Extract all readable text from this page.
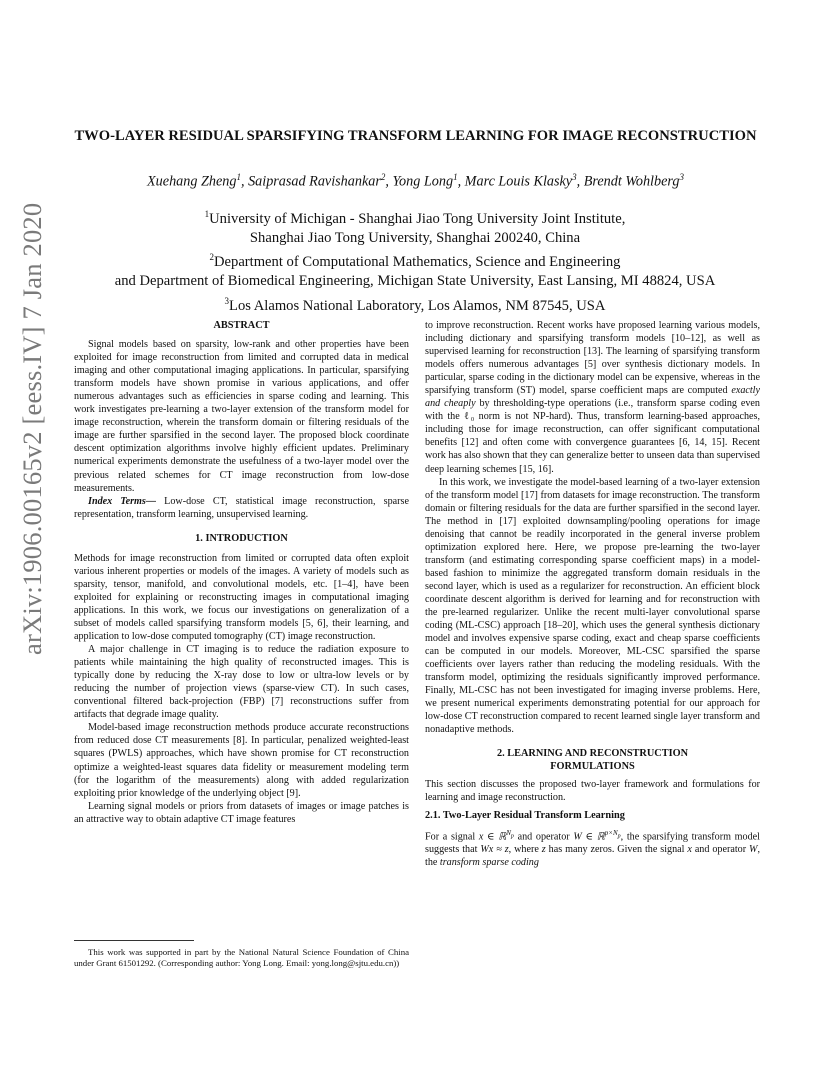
arXiv:1906.00165v2 [eess.IV] 7 Jan 2020
TWO-LAYER RESIDUAL SPARSIFYING TRANSFORM LEARNING FOR IMAGE RECONSTRUCTION
Xuehang Zheng$^1$, Saiprasad Ravishankar$^2$, Yong Long$^1$, Marc Louis Klasky$^3$, Brendt Wohlberg$^3$
$^1$University of Michigan - Shanghai Jiao Tong University Joint Institute,
Shanghai Jiao Tong University, Shanghai 200240, China
$^2$Department of Computational Mathematics, Science and Engineering
and Department of Biomedical Engineering, Michigan State University, East Lansing, MI 48824, USA
$^3$Los Alamos National Laboratory, Los Alamos, NM 87545, USA

ABSTRACT

Signal models based on sparsity, low-rank and other properties have been exploited for image reconstruction from limited and corrupted data in medical imaging and other computational imaging applications. In particular, sparsifying transform models have shown promise in various applications, and offer numerous advantages such as efficiencies in sparse coding and learning. This work investigates pre-learning a two-layer extension of the transform model for image reconstruction, wherein the transform domain or filtering residuals of the image are further sparsified in the second layer. The proposed block coordinate descent optimization algorithms involve highly efficient updates. Preliminary numerical experiments demonstrate the usefulness of a two-layer model over the previous related schemes for CT image reconstruction from low-dose measurements.

Index Terms— Low-dose CT, statistical image reconstruction, sparse representation, transform learning, unsupervised learning.

1. INTRODUCTION

Methods for image reconstruction from limited or corrupted data often exploit various inherent properties or models of the images. A variety of models such as sparsity, tensor, manifold, and convolutional models, etc. [1–4], have been exploited for explaining or reconstructing images in computational imaging applications. In this work, we focus our investigations on generalization of a subset of models called sparsifying transform models [5, 6], their learning, and application to low-dose computed tomography (CT) image reconstruction.

A major challenge in CT imaging is to reduce the radiation exposure to patients while maintaining the high quality of reconstructed images. This is typically done by reducing the X-ray dose to low or ultra-low levels or by reducing the number of projection views (sparse-view CT). In such cases, conventional filtered back-projection (FBP) [7] reconstructions suffer from artifacts that degrade image quality.

Model-based image reconstruction methods produce accurate reconstructions from reduced dose CT measurements [8]. In particular, penalized weighted-least squares (PWLS) approaches, which have shown promise for CT reconstruction optimize a weighted-least squares data fidelity or measurement modeling term (for the logarithm of the measurements) along with added regularization exploiting prior knowledge of the underlying object [9].

Learning signal models or priors from datasets of images or image patches is an attractive way to obtain adaptive CT image features

This work was supported in part by the National Natural Science Foundation of China under Grant 61501292. (Corresponding author: Yong Long. Email: yong.long@sjtu.edu.cn))

to improve reconstruction. Recent works have proposed learning various models, including dictionary and sparsifying transform models [10–12], as well as supervised learning for reconstruction [13]. The learning of sparsifying transform models offers numerous advantages [5] over synthesis dictionary models. In particular, sparse coding in the dictionary model can be expensive, whereas in the sparsifying transform (ST) model, sparse coefficient maps are computed exactly and cheaply by thresholding-type operations (i.e., transform sparse coding even with the ℓ₀ norm is not NP-hard). Thus, transform learning-based approaches, including those for image reconstruction, can offer significant computational benefits [12] and often come with convergence guarantees [6, 14, 15]. Recent work has also shown that they can generalize better to unseen data than supervised deep learning schemes [15, 16].

In this work, we investigate the model-based learning of a two-layer extension of the transform model [17] from datasets for image reconstruction. The transform domain or filtering residuals for the data are further sparsified in the second layer. The method in [17] exploited downsampling/pooling operations for image denoising that cannot be readily incorporated in the general inverse problem optimization explored here. Here, we propose pre-learning the two-layer transform (and estimating corresponding sparse coefficient maps) in a model-based fashion to minimize the aggregated transform domain residuals in the second layer, which is used as a regularizer for reconstruction. An efficient block coordinate descent algorithm is derived for learning and for reconstruction with the pre-learned regularizer. Unlike the recent multi-layer convolutional sparse coding (ML-CSC) approach [18–20], which uses the general synthesis dictionary model and involves expensive sparse coding, exact and cheap sparse coefficients can be computed in our models. Moreover, ML-CSC sparsified the sparse coefficients over layers rather than reducing the modeling residuals. With the transform model, optimizing the residuals significantly improved performance. Finally, ML-CSC has not been investigated for imaging inverse problems. Here, we present numerical experiments demonstrating potential for our approach for low-dose CT reconstruction compared to recent learned single layer transform and nonadaptive methods.

2. LEARNING AND RECONSTRUCTION
FORMULATIONS

This section discusses the proposed two-layer framework and formulations for learning and image reconstruction.

2.1. Two-Layer Residual Transform Learning

For a signal x ∈ ℝ$^{N_p}$ and operator W ∈ ℝ$^{p\times N_p}$, the sparsifying transform model suggests that Wx ≈ z, where z has many zeros. Given the signal x and operator W, the transform sparse coding
